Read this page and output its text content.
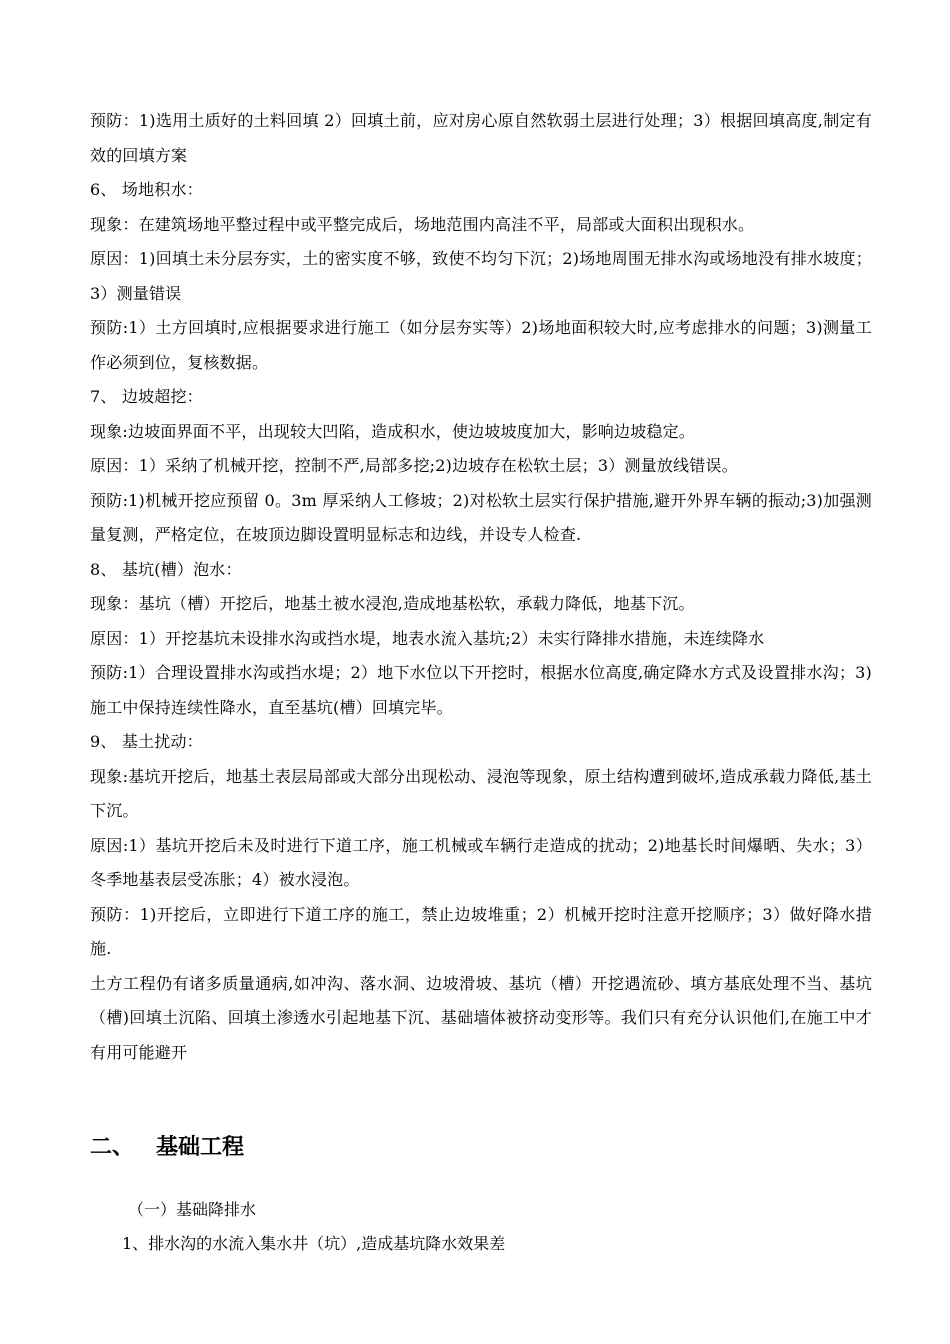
预防：1)选用土质好的土料回填 2）回填土前，应对房心原自然软弱土层进行处理；3）根据回填高度,制定有效的回填方案

6、 场地积水：

现象：在建筑场地平整过程中或平整完成后，场地范围内高洼不平，局部或大面积出现积水。

原因：1)回填土未分层夯实，土的密实度不够，致使不均匀下沉；2)场地周围无排水沟或场地没有排水坡度；3）测量错误

预防:1）土方回填时,应根据要求进行施工（如分层夯实等）2)场地面积较大时,应考虑排水的问题；3)测量工作必须到位，复核数据。

7、 边坡超挖：

现象:边坡面界面不平，出现较大凹陷，造成积水，使边坡坡度加大，影响边坡稳定。

原因：1）采纳了机械开挖，控制不严,局部多挖;2)边坡存在松软土层；3）测量放线错误。

预防:1)机械开挖应预留 0。3m 厚采纳人工修坡；2)对松软土层实行保护措施,避开外界车辆的振动;3)加强测量复测，严格定位，在坡顶边脚设置明显标志和边线，并设专人检查.

8、 基坑(槽）泡水：

现象：基坑（槽）开挖后，地基土被水浸泡,造成地基松软，承载力降低，地基下沉。

原因：1）开挖基坑未设排水沟或挡水堤，地表水流入基坑;2）未实行降排水措施，未连续降水

预防:1）合理设置排水沟或挡水堤；2）地下水位以下开挖时，根据水位高度,确定降水方式及设置排水沟；3)施工中保持连续性降水，直至基坑(槽）回填完毕。

9、 基土扰动：

现象:基坑开挖后，地基土表层局部或大部分出现松动、浸泡等现象，原土结构遭到破坏,造成承载力降低,基土下沉。

原因:1）基坑开挖后未及时进行下道工序，施工机械或车辆行走造成的扰动；2)地基长时间爆晒、失水；3）冬季地基表层受冻胀；4）被水浸泡。

预防：1)开挖后，立即进行下道工序的施工，禁止边坡堆重；2）机械开挖时注意开挖顺序；3）做好降水措施.

土方工程仍有诸多质量通病,如冲沟、落水洞、边坡滑坡、基坑（槽）开挖遇流砂、填方基底处理不当、基坑（槽)回填土沉陷、回填土渗透水引起地基下沉、基础墙体被挤动变形等。我们只有充分认识他们,在施工中才有用可能避开

二、 基础工程
（一）基础降排水
1、排水沟的水流入集水井（坑）,造成基坑降水效果差
